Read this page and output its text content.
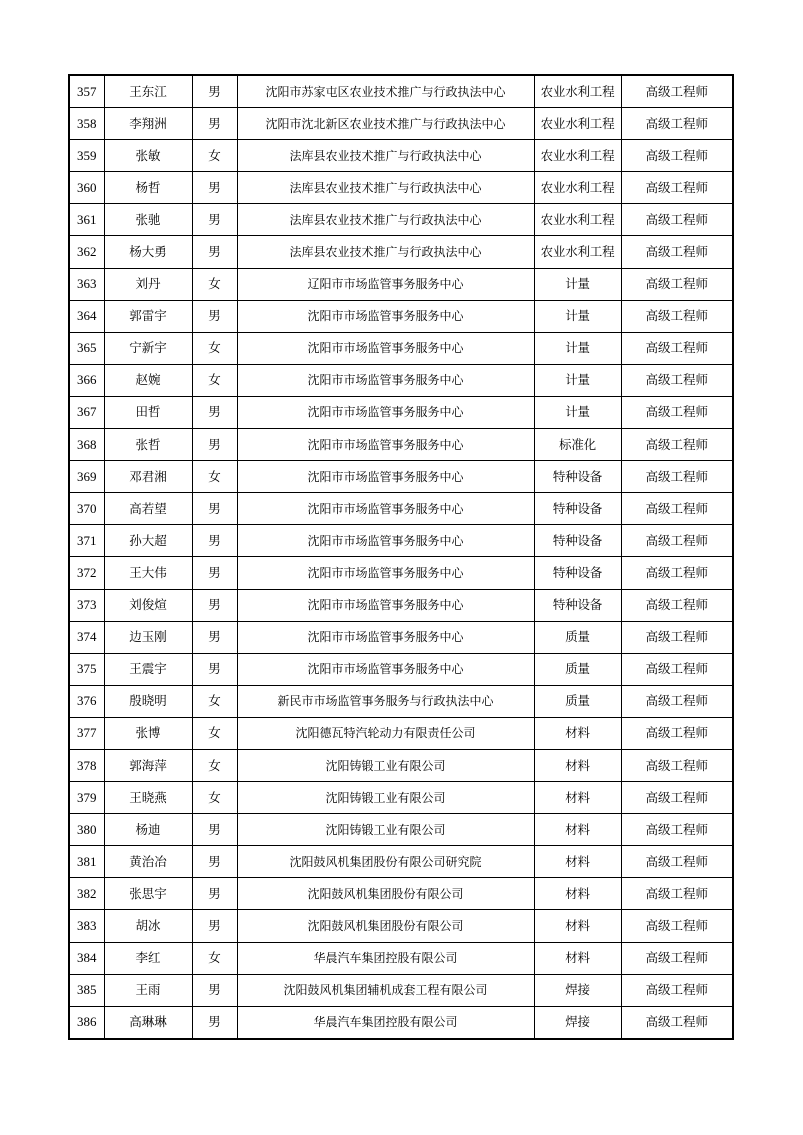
357	王东江	男	沈阳市苏家屯区农业技术推广与行政执法中心	农业水利工程	高级工程师
358	李翔洲	男	沈阳市沈北新区农业技术推广与行政执法中心	农业水利工程	高级工程师
359	张敏	女	法库县农业技术推广与行政执法中心	农业水利工程	高级工程师
360	杨哲	男	法库县农业技术推广与行政执法中心	农业水利工程	高级工程师
361	张驰	男	法库县农业技术推广与行政执法中心	农业水利工程	高级工程师
362	杨大勇	男	法库县农业技术推广与行政执法中心	农业水利工程	高级工程师
363	刘丹	女	辽阳市市场监管事务服务中心	计量	高级工程师
364	郭雷宇	男	沈阳市市场监管事务服务中心	计量	高级工程师
365	宁新宇	女	沈阳市市场监管事务服务中心	计量	高级工程师
366	赵婉	女	沈阳市市场监管事务服务中心	计量	高级工程师
367	田哲	男	沈阳市市场监管事务服务中心	计量	高级工程师
368	张哲	男	沈阳市市场监管事务服务中心	标准化	高级工程师
369	邓君湘	女	沈阳市市场监管事务服务中心	特种设备	高级工程师
370	高若望	男	沈阳市市场监管事务服务中心	特种设备	高级工程师
371	孙大超	男	沈阳市市场监管事务服务中心	特种设备	高级工程师
372	王大伟	男	沈阳市市场监管事务服务中心	特种设备	高级工程师
373	刘俊煊	男	沈阳市市场监管事务服务中心	特种设备	高级工程师
374	边玉刚	男	沈阳市市场监管事务服务中心	质量	高级工程师
375	王震宇	男	沈阳市市场监管事务服务中心	质量	高级工程师
376	殷晓明	女	新民市市场监管事务服务与行政执法中心	质量	高级工程师
377	张博	女	沈阳德瓦特汽轮动力有限责任公司	材料	高级工程师
378	郭海萍	女	沈阳铸锻工业有限公司	材料	高级工程师
379	王晓燕	女	沈阳铸锻工业有限公司	材料	高级工程师
380	杨迪	男	沈阳铸锻工业有限公司	材料	高级工程师
381	黄治冶	男	沈阳鼓风机集团股份有限公司研究院	材料	高级工程师
382	张思宇	男	沈阳鼓风机集团股份有限公司	材料	高级工程师
383	胡冰	男	沈阳鼓风机集团股份有限公司	材料	高级工程师
384	李红	女	华晨汽车集团控股有限公司	材料	高级工程师
385	王雨	男	沈阳鼓风机集团辅机成套工程有限公司	焊接	高级工程师
386	高琳琳	男	华晨汽车集团控股有限公司	焊接	高级工程师
